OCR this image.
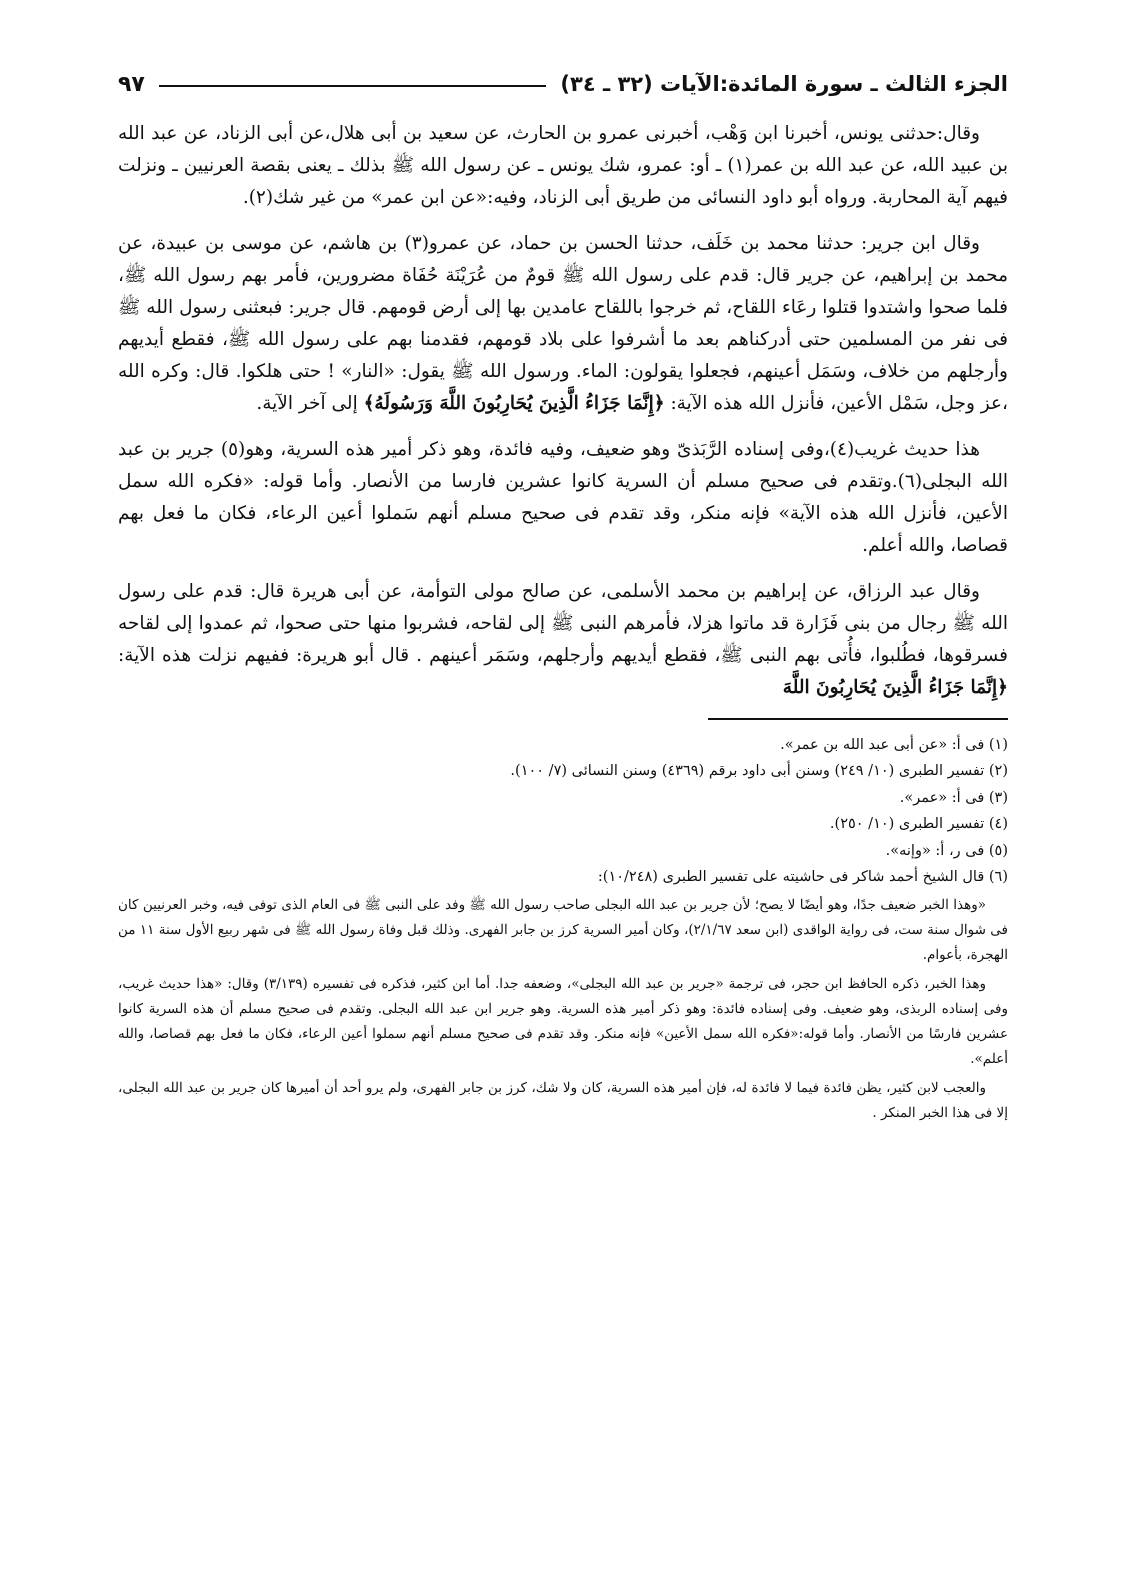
الجزء الثالث ـ سورة المائدة:الآيات (٣٢ ـ ٣٤)
٩٧

وقال:حدثنى يونس، أخبرنا ابن وَهْب، أخبرنى عمرو بن الحارث، عن سعيد بن أبى هلال،عن أبى الزناد، عن عبد الله بن عبيد الله، عن عبد الله بن عمر(١) ـ أو: عمرو، شك يونس ـ عن رسول الله ﷺ بذلك ـ يعنى بقصة العرنيين ـ ونزلت فيهم آية المحاربة. ورواه أبو داود النسائى من طريق أبى الزناد، وفيه:«عن ابن عمر» من غير شك(٢).

وقال ابن جرير: حدثنا محمد بن خَلَف، حدثنا الحسن بن حماد، عن عمرو(٣) بن هاشم، عن موسى بن عبيدة، عن محمد بن إبراهيم، عن جرير قال: قدم على رسول الله ﷺ قومٌ من عُرَيْنَة حُفَاة مضرورين، فأمر بهم رسول الله ﷺ، فلما صحوا واشتدوا قتلوا رعَاء اللقاح، ثم خرجوا باللقاح عامدين بها إلى أرض قومهم. قال جرير: فبعثنى رسول الله ﷺ فى نفر من المسلمين حتى أدركناهم بعد ما أشرفوا على بلاد قومهم، فقدمنا بهم على رسول الله ﷺ، فقطع أيديهم وأرجلهم من خلاف، وسَمَل أعينهم، فجعلوا يقولون: الماء. ورسول الله ﷺ يقول: «النار» ! حتى هلكوا. قال: وكره الله ،عز وجل، سَمْل الأعين، فأنزل الله هذه الآية: ﴿إِنَّمَا جَزَاءُ الَّذِينَ يُحَارِبُونَ اللَّهَ وَرَسُولَهُ﴾ إلى آخر الآية.

هذا حديث غريب(٤)،وفى إسناده الرَّبَذىّ وهو ضعيف، وفيه فائدة، وهو ذكر أمير هذه السرية، وهو(٥) جرير بن عبد الله البجلى(٦).وتقدم فى صحيح مسلم أن السرية كانوا عشرين فارسا من الأنصار. وأما قوله: «فكره الله سمل الأعين، فأنزل الله هذه الآية» فإنه منكر، وقد تقدم فى صحيح مسلم أنهم سَملوا أعين الرعاء، فكان ما فعل بهم قصاصا، والله أعلم.

وقال عبد الرزاق، عن إبراهيم بن محمد الأسلمى، عن صالح مولى التوأمة، عن أبى هريرة قال: قدم على رسول الله ﷺ رجال من بنى فَزَارة قد ماتوا هزلا، فأمرهم النبى ﷺ إلى لقاحه، فشربوا منها حتى صحوا، ثم عمدوا إلى لقاحه فسرقوها، فطُلبوا، فأُتى بهم النبى ﷺ، فقطع أيديهم وأرجلهم، وسَمَر أعينهم . قال أبو هريرة: ففيهم نزلت هذه الآية: ﴿إِنَّمَا جَزَاءُ الَّذِينَ يُحَارِبُونَ اللَّهَ

(١) فى أ: «عن أبى عبد الله بن عمر».

(٢) تفسير الطبرى (١٠/ ٢٤٩) وسنن أبى داود برقم (٤٣٦٩) وسنن النسائى (٧/ ١٠٠).

(٣) فى أ: «عمر».

(٤) تفسير الطبرى (١٠/ ٢٥٠).

(٥) فى ر، أ: «وإنه».

(٦) قال الشيخ أحمد شاكر فى حاشيته على تفسير الطبرى (١٠/٢٤٨):

«وهذا الخبر ضعيف جدًا، وهو أيضًا لا يصح؛ لأن جرير بن عبد الله البجلى صاحب رسول الله ﷺ وفد على النبى ﷺ فى العام الذى توفى فيه، وخبر العرنيين كان فى شوال سنة ست، فى رواية الواقدى (ابن سعد ٢/١/٦٧)، وكان أمير السرية كرز بن جابر الفهرى. وذلك قبل وفاة رسول الله ﷺ فى شهر ربيع الأول سنة ١١ من الهجرة، بأعوام.

وهذا الخبر، ذكره الحافظ ابن حجر، فى ترجمة «جرير بن عبد الله البجلى»، وضعفه جدا. أما ابن كثير، فذكره فى تفسيره (٣/١٣٩) وقال: «هذا حديث غريب، وفى إسناده الربذى، وهو ضعيف. وفى إسناده فائدة: وهو ذكر أمير هذه السرية. وهو جرير ابن عبد الله البجلى. وتقدم فى صحيح مسلم أن هذه السرية كانوا عشرين فارسًا من الأنصار. وأما قوله:«فكره الله سمل الأعين» فإنه منكر. وقد تقدم فى صحيح مسلم أنهم سملوا أعين الرعاء، فكان ما فعل بهم قصاصا، والله أعلم».

والعجب لابن كثير، يظن فائدة فيما لا فائدة له، فإن أمير هذه السرية، كان ولا شك، كرز بن جابر الفهرى، ولم يرو أحد أن أميرها كان جرير بن عبد الله البجلى، إلا فى هذا الخبر المنكر .
